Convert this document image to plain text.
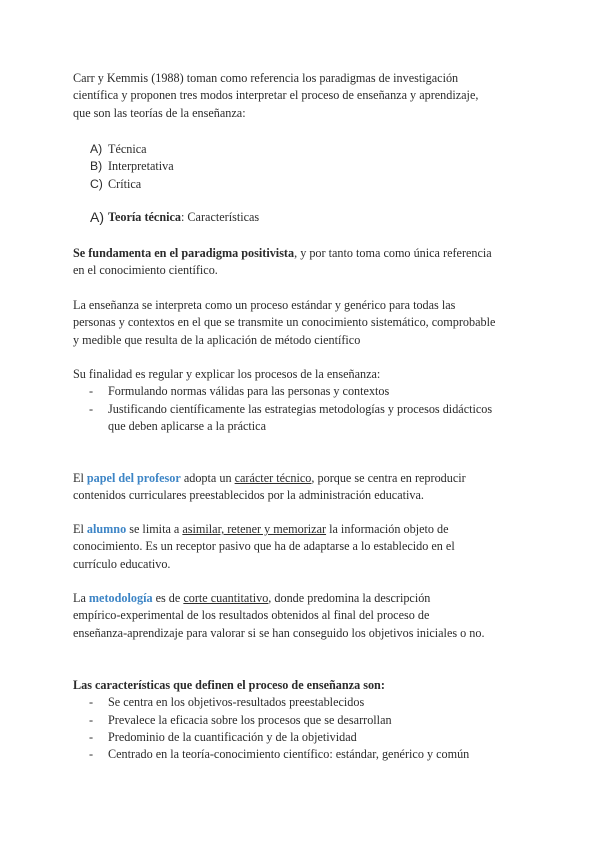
Carr y Kemmis (1988) toman como referencia los paradigmas de investigación
científica y proponen tres modos interpretar el proceso de enseñanza y aprendizaje,
que son las teorías de la enseñanza:
A) Técnica
B) Interpretativa
C) Crítica
A) Teoría técnica: Características
Se fundamenta en el paradigma positivista, y por tanto toma como única referencia
en el conocimiento científico.
La enseñanza se interpreta como un proceso estándar y genérico para todas las
personas y contextos en el que se transmite un conocimiento sistemático, comprobable
y medible que resulta de la aplicación de método científico
Su finalidad es regular y explicar los procesos de la enseñanza:
- Formulando normas válidas para las personas y contextos
- Justificando científicamente las estrategias metodologías y procesos didácticos
que deben aplicarse a la práctica
El papel del profesor adopta un carácter técnico, porque se centra en reproducir
contenidos curriculares preestablecidos por la administración educativa.
El alumno se limita a asimilar, retener y memorizar la información objeto de
conocimiento. Es un receptor pasivo que ha de adaptarse a lo establecido en el
currículo educativo.
La metodología es de corte cuantitativo, donde predomina la descripción
empírico-experimental de los resultados obtenidos al final del proceso de
enseñanza-aprendizaje para valorar si se han conseguido los objetivos iniciales o no.
Las características que definen el proceso de enseñanza son:
- Se centra en los objetivos-resultados preestablecidos
- Prevalece la eficacia sobre los procesos que se desarrollan
- Predominio de la cuantificación y de la objetividad
- Centrado en la teoría-conocimiento científico: estándar, genérico y común
